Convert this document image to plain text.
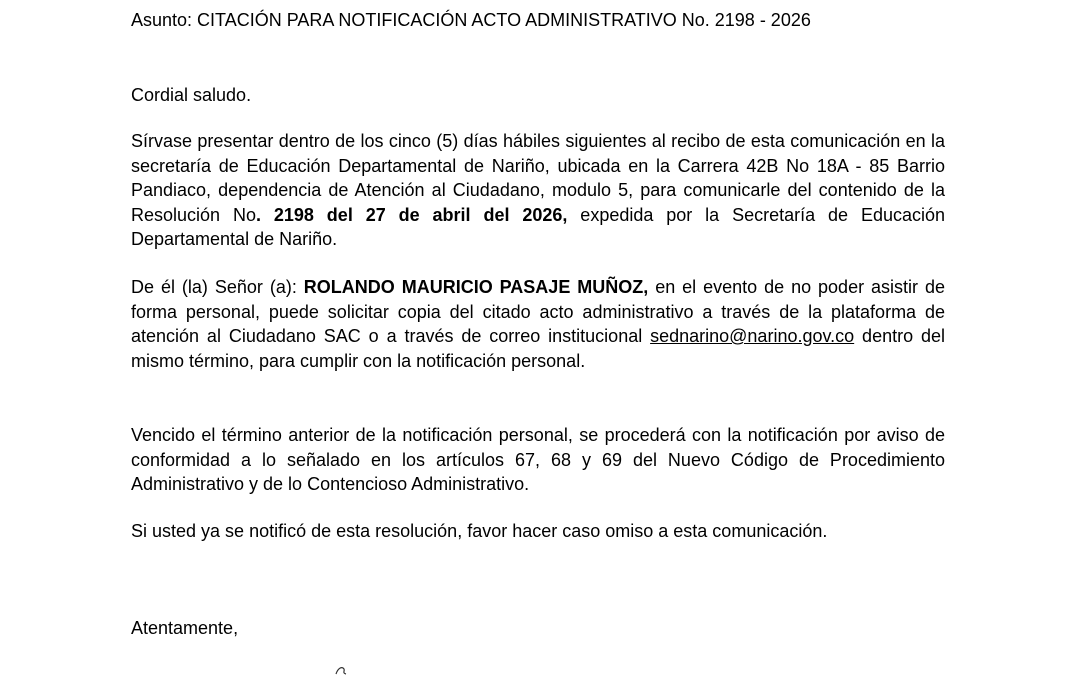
Asunto: CITACIÓN PARA NOTIFICACIÓN ACTO ADMINISTRATIVO No. 2198 - 2026

Cordial saludo.

Sírvase presentar dentro de los cinco (5) días hábiles siguientes al recibo de esta comunicación en la secretaría de Educación Departamental de Nariño, ubicada en la Carrera 42B No 18A - 85 Barrio Pandiaco, dependencia de Atención al Ciudadano, modulo 5, para comunicarle del contenido de la Resolución No. 2198 del 27 de abril del 2026, expedida por la Secretaría de Educación Departamental de Nariño.

De él (la) Señor (a): ROLANDO MAURICIO PASAJE MUÑOZ, en el evento de no poder asistir de forma personal, puede solicitar copia del citado acto administrativo a través de la plataforma de atención al Ciudadano SAC o a través de correo institucional sednarino@narino.gov.co dentro del mismo término, para cumplir con la notificación personal.

Vencido el término anterior de la notificación personal, se procederá con la notificación por aviso de conformidad a lo señalado en los artículos 67, 68 y 69 del Nuevo Código de Procedimiento Administrativo y de lo Contencioso Administrativo.

Si usted ya se notificó de esta resolución, favor hacer caso omiso a esta comunicación.

Atentamente,
